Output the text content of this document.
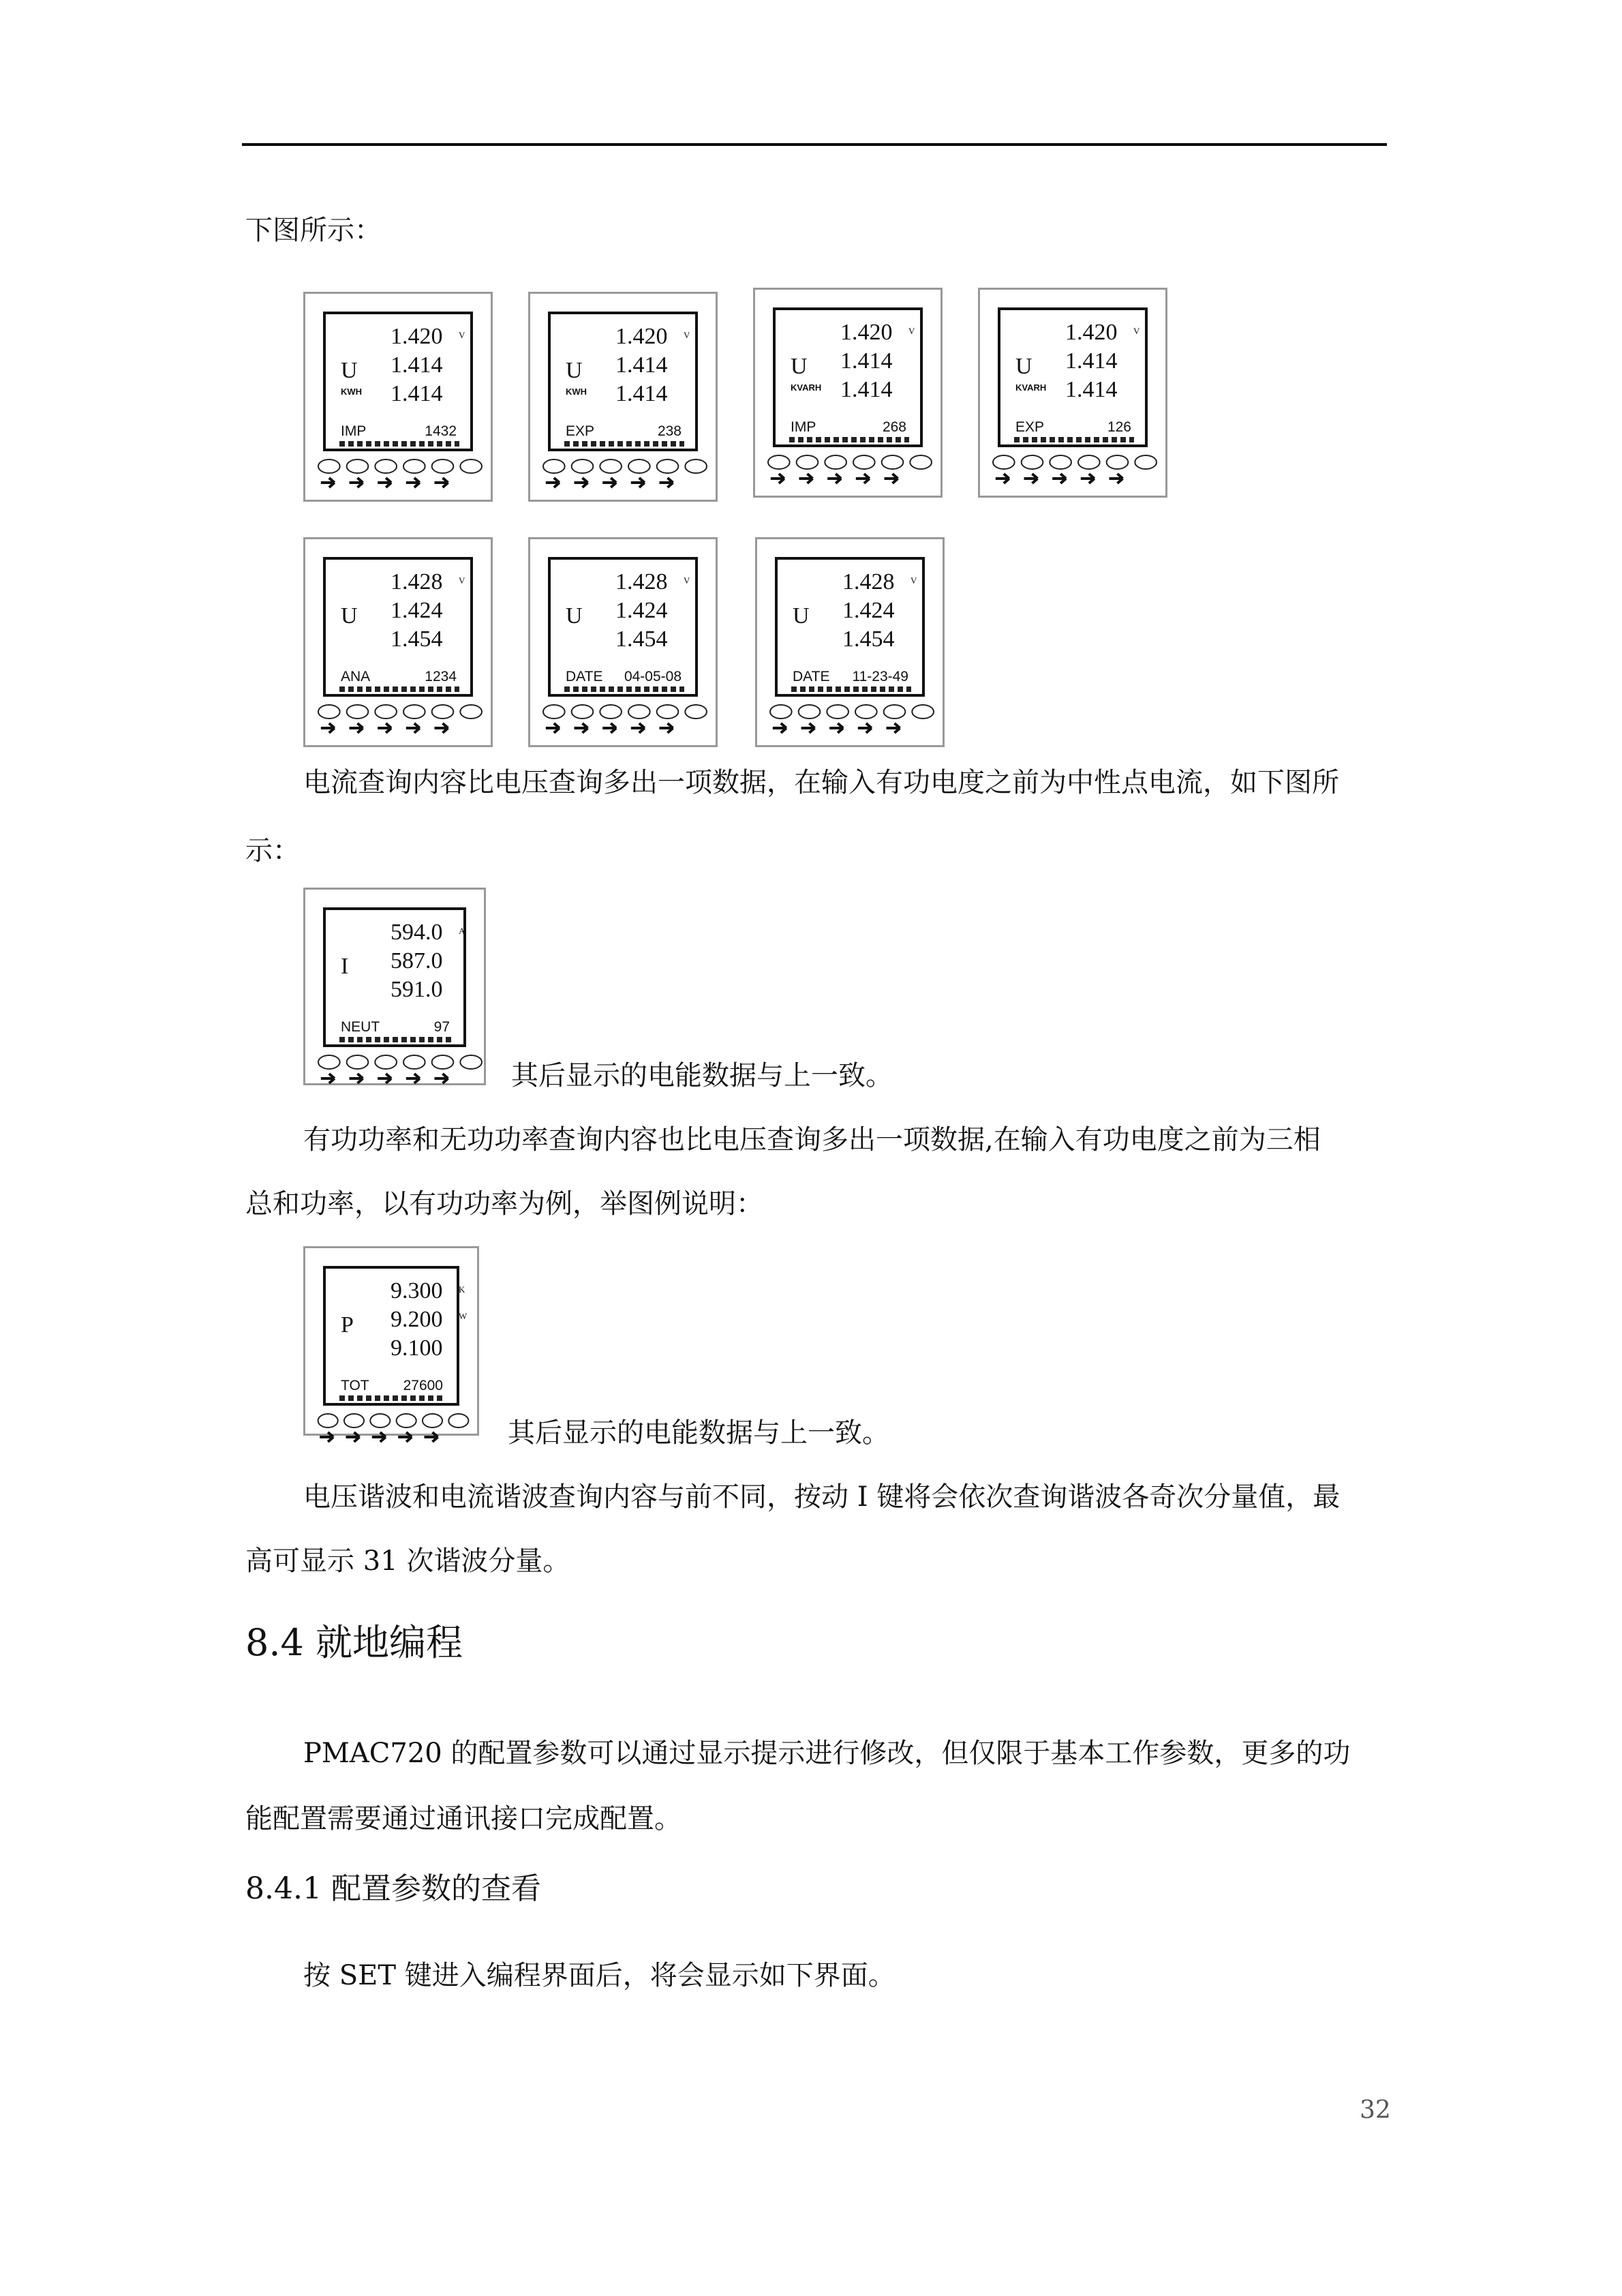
下图所示：
1.420 V
U 1.414
KWH 1.414
IMP	1432
1.420 V
U 1.414
KWH 1.414
EXP	238
1.420 V
U 1.414
KVARH 1.414
IMP	268
1.420 V
U 1.414
KVARH 1.414
EXP	126
1.428 V
U 1.424
1.454
ANA	1234
1.428 V
U 1.424
1.454
DATE 04-05-08
1.428 V
U 1.424
1.454
DATE 11-23-49
电流查询内容比电压查询多出一项数据，在输入有功电度之前为中性点电流，如下图所
示：
594.0 A
I 587.0
591.0
NEUT	97
其后显示的电能数据与上一致。
有功功率和无功功率查询内容也比电压查询多出一项数据,在输入有功电度之前为三相
总和功率，以有功功率为例，举图例说明：
9.300 K
P 9.200 W
9.100
TOT 27600
其后显示的电能数据与上一致。
电压谐波和电流谐波查询内容与前不同，按动 I 键将会依次查询谐波各奇次分量值，最
高可显示 31 次谐波分量。
8.4 就地编程
PMAC720 的配置参数可以通过显示提示进行修改，但仅限于基本工作参数，更多的功
能配置需要通过通讯接口完成配置。
8.4.1 配置参数的查看
按 SET 键进入编程界面后，将会显示如下界面。
32
